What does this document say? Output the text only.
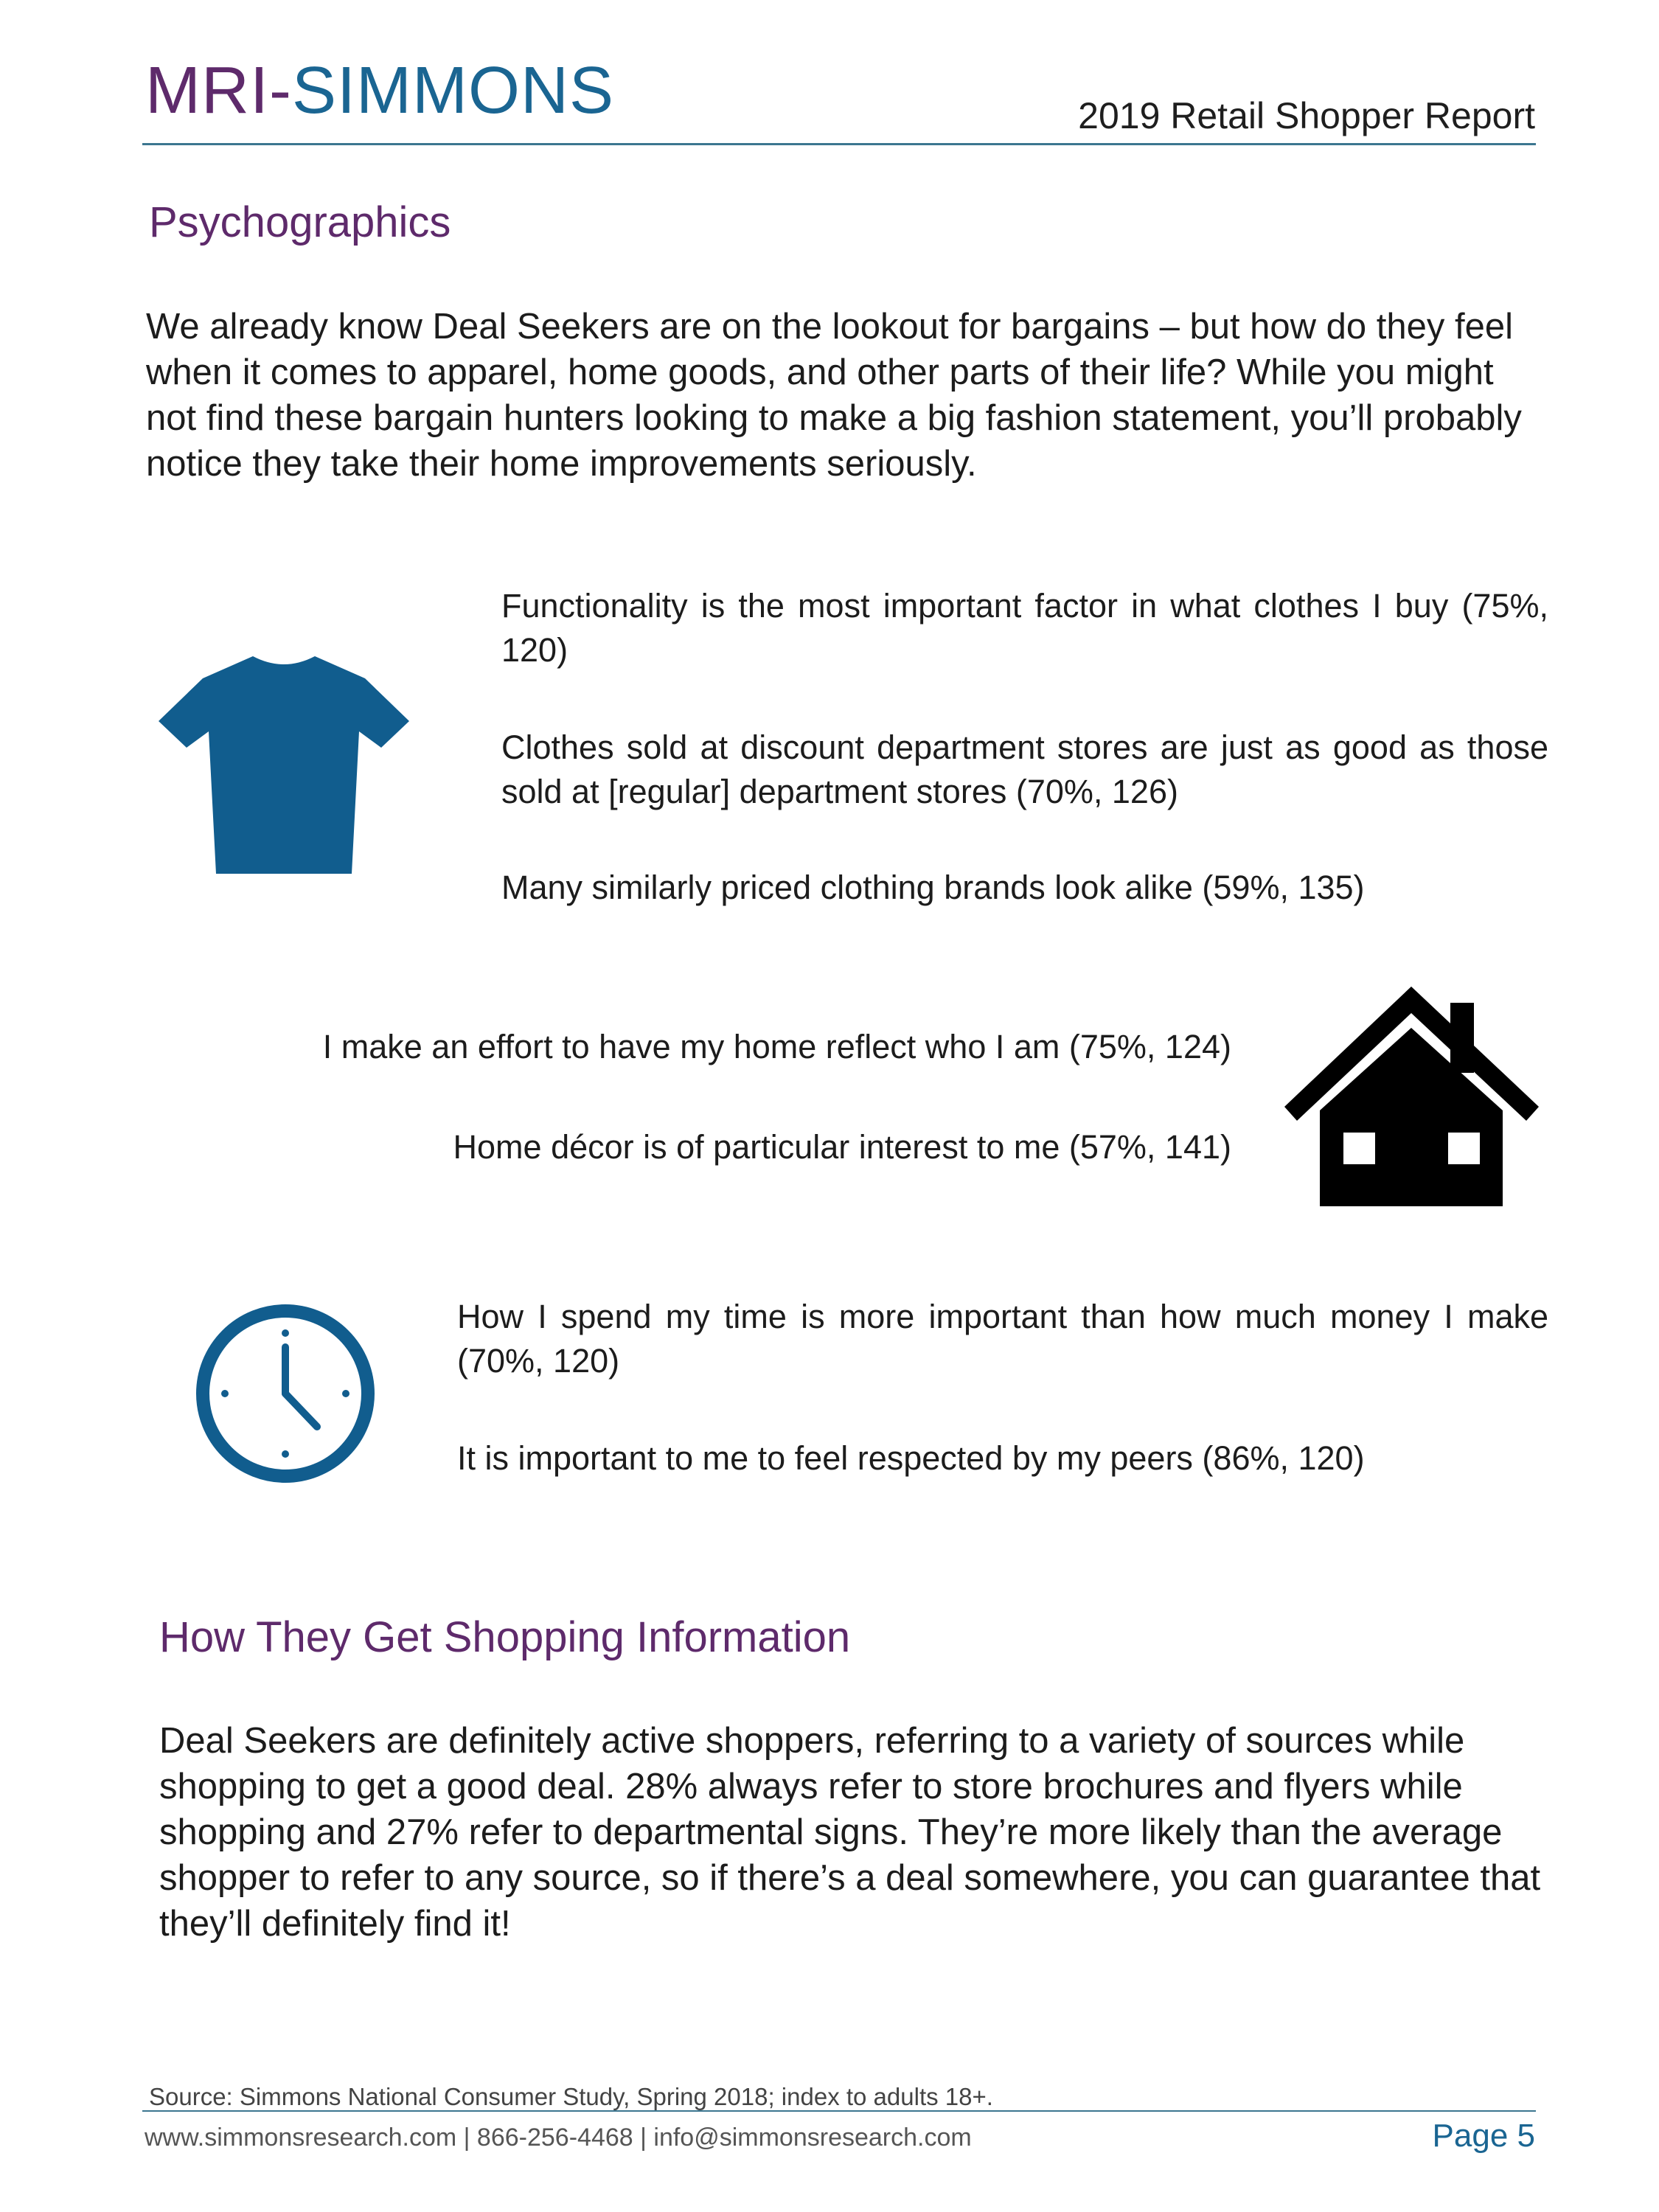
MRI-SIMMONS	2019 Retail Shopper Report
Psychographics
We already know Deal Seekers are on the lookout for bargains – but how do they feel when it comes to apparel, home goods, and other parts of their life? While you might not find these bargain hunters looking to make a big fashion statement, you’ll probably notice they take their home improvements seriously.
Functionality is the most important factor in what clothes I buy (75%, 120)
Clothes sold at discount department stores are just as good as those sold at [regular] department stores (70%, 126)
Many similarly priced clothing brands look alike (59%, 135)
I make an effort to have my home reflect who I am (75%, 124)
Home décor is of particular interest to me (57%, 141)
How I spend my time is more important than how much money I make (70%, 120)
It is important to me to feel respected by my peers (86%, 120)
How They Get Shopping Information
Deal Seekers are definitely active shoppers, referring to a variety of sources while shopping to get a good deal. 28% always refer to store brochures and flyers while shopping and 27% refer to departmental signs. They’re more likely than the average shopper to refer to any source, so if there’s a deal somewhere, you can guarantee that they’ll definitely find it!
Source: Simmons National Consumer Study, Spring 2018; index to adults 18+.
www.simmonsresearch.com | 866-256-4468 | info@simmonsresearch.com	Page 5
